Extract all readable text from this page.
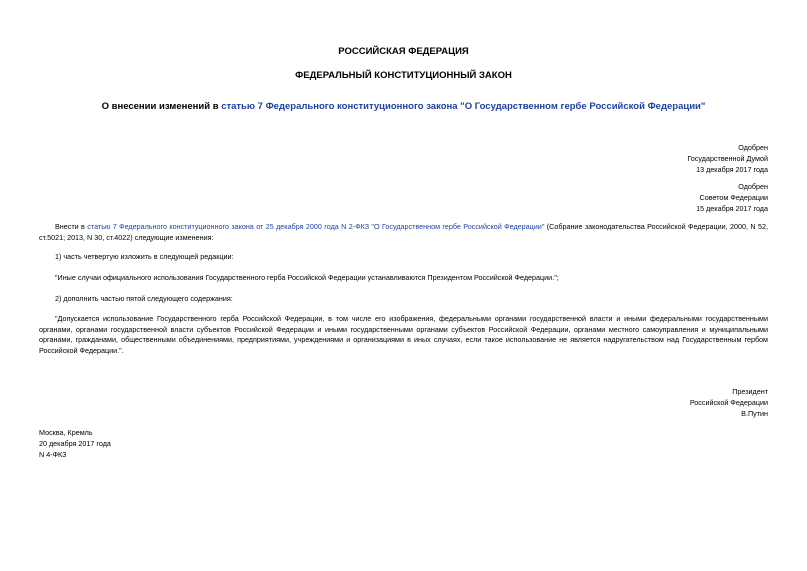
РОССИЙСКАЯ ФЕДЕРАЦИЯ
ФЕДЕРАЛЬНЫЙ КОНСТИТУЦИОННЫЙ ЗАКОН
О внесении изменений в статью 7 Федерального конституционного закона "О Государственном гербе Российской Федерации"
Одобрен
Государственной Думой
13 декабря 2017 года
Одобрен
Советом Федерации
15 декабря 2017 года
Внести в статью 7 Федерального конституционного закона от 25 декабря 2000 года N 2-ФКЗ "О Государственном гербе Российской Федерации" (Собрание законодательства Российской Федерации, 2000, N 52, ст.5021; 2013, N 30, ст.4022) следующие изменения:
1) часть четвертую изложить в следующей редакции:
"Иные случаи официального использования Государственного герба Российской Федерации устанавливаются Президентом Российской Федерации.";
2) дополнить частью пятой следующего содержания:
"Допускается использование Государственного герба Российской Федерации, в том числе его изображения, федеральными органами государственной власти и иными федеральными государственными органами, органами государственной власти субъектов Российской Федерации и иными государственными органами субъектов Российской Федерации, органами местного самоуправления и муниципальными органами, гражданами, общественными объединениями, предприятиями, учреждениями и организациями в иных случаях, если такое использование не является надругательством над Государственным гербом Российской Федерации.".
Президент
Российской Федерации
В.Путин
Москва, Кремль
20 декабря 2017 года
N 4-ФКЗ
